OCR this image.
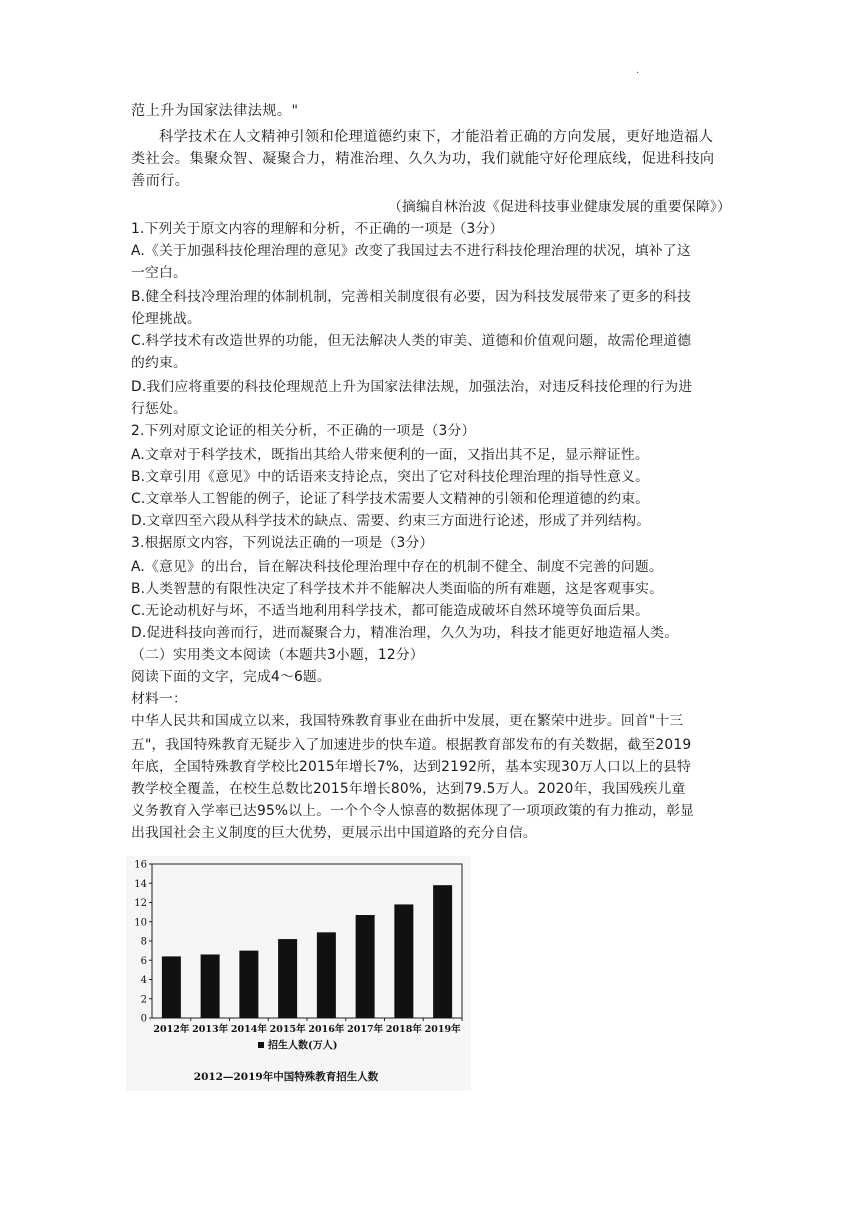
·
范上升为国家法律法规。"
科学技术在人文精神引领和伦理道德约束下，才能沿着正确的方向发展，更好地造福人
类社会。集聚众智、凝聚合力，精准治理、久久为功，我们就能守好伦理底线，促进科技向
善而行。
（摘编自林治波《促进科技事业健康发展的重要保障》）
1.下列关于原文内容的理解和分析，不正确的一项是（3分）
A.《关于加强科技伦理治理的意见》改变了我国过去不进行科技伦理治理的状况，填补了这
一空白。
B.健全科技冷理治理的体制机制，完善相关制度很有必要，因为科技发展带来了更多的科技
伦理挑战。
C.科学技术有改造世界的功能，但无法解决人类的审美、道德和价值观问题，故需伦理道德
的约束。
D.我们应将重要的科技伦理规范上升为国家法律法规，加强法治，对违反科技伦理的行为进
行惩处。
2.下列对原文论证的相关分析，不正确的一项是（3分）
A.文章对于科学技术，既指出其给人带来便利的一面，又指出其不足，显示辩证性。
B.文章引用《意见》中的话语来支持论点，突出了它对科技伦理治理的指导性意义。
C.文章举人工智能的例子，论证了科学技术需要人文精神的引领和伦理道德的约束。
D.文章四至六段从科学技术的缺点、需要、约束三方面进行论述，形成了并列结构。
3.根据原文内容，下列说法正确的一项是（3分）
A.《意见》的出台，旨在解决科技伦理治理中存在的机制不健全、制度不完善的问题。
B.人类智慧的有限性决定了科学技术并不能解决人类面临的所有难题，这是客观事实。
C.无论动机好与坏，不适当地利用科学技术，都可能造成破坏自然环境等负面后果。
D.促进科技向善而行，进而凝聚合力，精准治理，久久为功，科技才能更好地造福人类。
（二）实用类文本阅读（本题共3小题，12分）
阅读下面的文字，完成4～6题。
材料一：
中华人民共和国成立以来，我国特殊教育事业在曲折中发展，更在繁荣中进步。回首"十三
五"，我国特殊教育无疑步入了加速进步的快车道。根据教育部发布的有关数据，截至2019
年底，全国特殊教育学校比2015年增长7%，达到2192所，基本实现30万人口以上的县特
教学校全覆盖，在校生总数比2015年增长80%，达到79.5万人。2020年，我国残疾儿童
义务教育入学率已达95%以上。一个个令人惊喜的数据体现了一项项政策的有力推动，彰显
出我国社会主义制度的巨大优势，更展示出中国道路的充分自信。
0
2
4
6
8
10
12
14
16
2012年 2013年 2014年 2015年 2016年 2017年 2018年 2019年
招生人数(万人)
2012—2019年中国特殊教育招生人数
